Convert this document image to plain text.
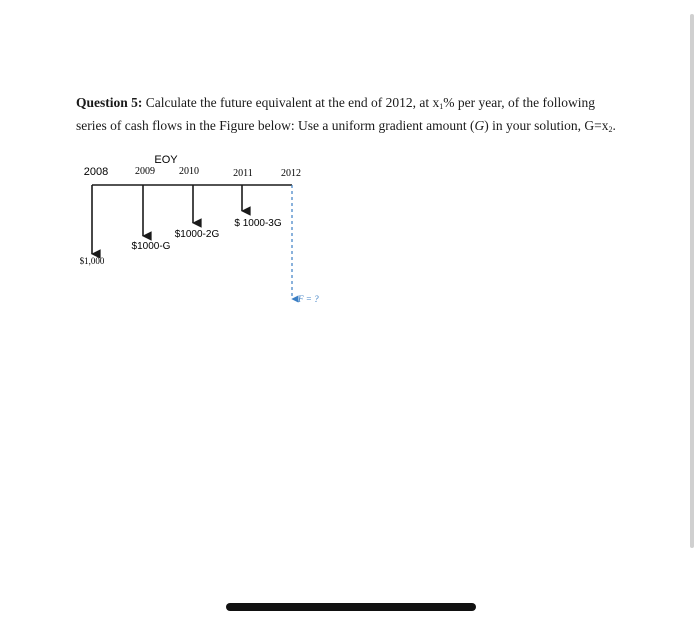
Question 5: Calculate the future equivalent at the end of 2012, at $x_1\%$ per year, of the following series of cash flows in the Figure below: Use a uniform gradient amount (G) in your solution, $G=x_2$.
EOY
2008	2009 2010	2011	2012
$1,000
$1000-G
$1000-2G
$ 1000-3G
F = ?
